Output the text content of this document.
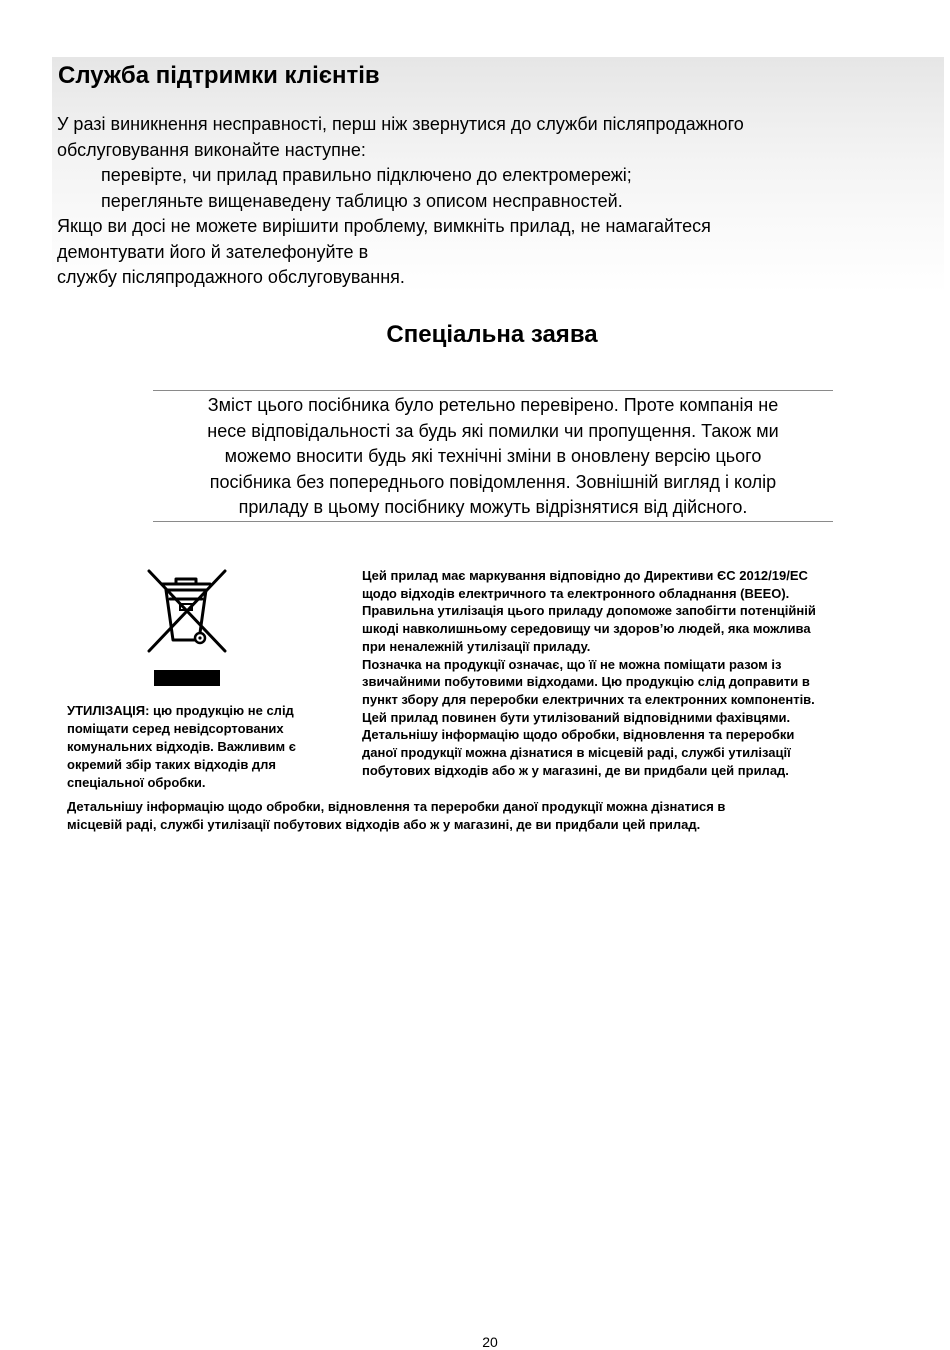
Служба підтримки клієнтів

У разі виникнення несправності, перш ніж звернутися до служби післяпродажного

обслуговування виконайте наступне:

перевірте, чи прилад правильно підключено до електромережі;

перегляньте вищенаведену таблицю з описом несправностей.

Якщо ви досі не можете вирішити проблему, вимкніть прилад, не намагайтеся

демонтувати його й зателефонуйте в

службу післяпродажного обслуговування.

Спеціальна заява

Зміст цього посібника було ретельно перевірено. Проте компанія не

несе відповідальності за будь які помилки чи пропущення. Також ми

можемо вносити будь які технічні зміни в оновлену версію цього

посібника без попереднього повідомлення. Зовнішній вигляд і колір

приладу в цьому посібнику можуть відрізнятися від дійсного.

УТИЛІЗАЦІЯ: цю продукцію не слід

поміщати серед невідсортованих

комунальних відходів. Важливим є

окремий збір таких відходів для

спеціальної обробки.

Цей прилад має маркування відповідно до Директиви ЄС 2012/19/EC

щодо відходів електричного та електронного обладнання (BEEO).

Правильна утилізація цього приладу допоможе запобігти потенційній

шкоді навколишньому середовищу чи здоров’ю людей, яка можлива

при неналежній утилізації приладу.

Позначка на продукції означає, що її не можна поміщати разом із

звичайними побутовими відходами. Цю продукцію слід доправити в

пункт збору для переробки електричних та електронних компонентів.

Цей прилад повинен бути утилізований відповідними фахівцями.

Детальнішу інформацію щодо обробки, відновлення та переробки

даної продукції можна дізнатися в місцевій раді, службі утилізації

побутових відходів або ж у магазині, де ви придбали цей прилад.

Детальнішу інформацію щодо обробки, відновлення та переробки даної продукції можна дізнатися в

місцевій раді, службі утилізації побутових відходів або ж у магазині, де ви придбали цей прилад.

20
